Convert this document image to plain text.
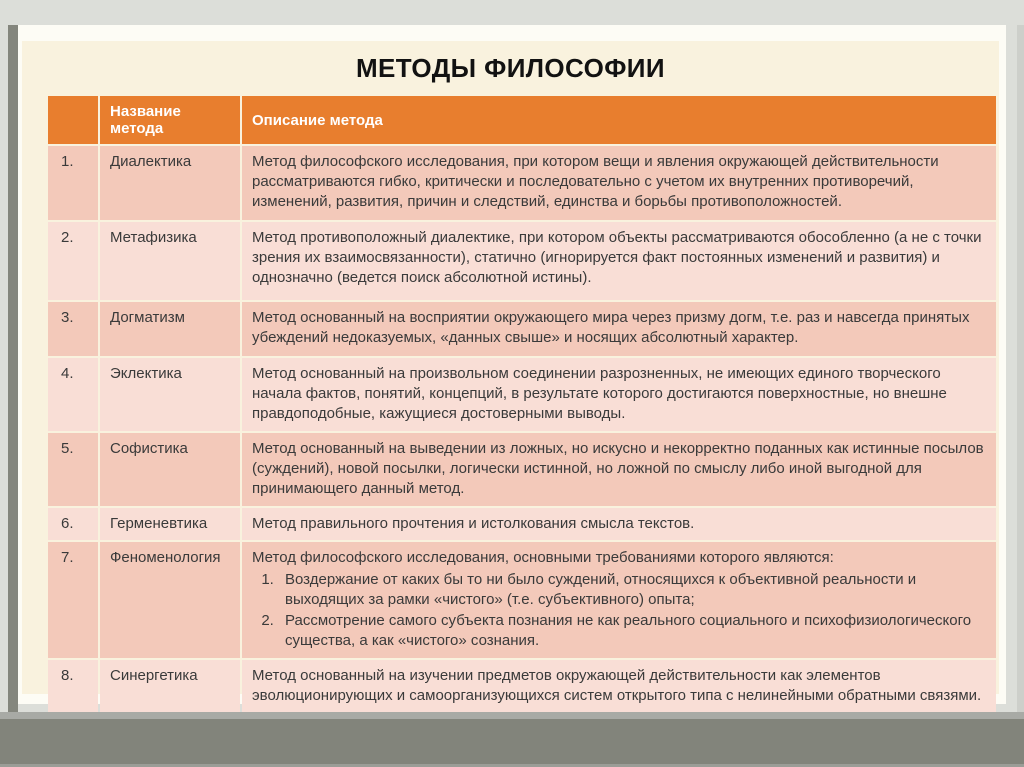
МЕТОДЫ ФИЛОСОФИИ
	Название метода	Описание метода
1.	Диалектика	Метод философского исследования, при котором вещи и явления окружающей действительности рассматриваются гибко, критически и последовательно с учетом их внутренних противоречий, изменений, развития, причин и следствий, единства и борьбы противоположностей.
2.	Метафизика	Метод противоположный диалектике, при котором объекты рассматриваются обособленно (а не с точки зрения их взаимосвязанности), статично (игнорируется факт постоянных изменений и развития) и однозначно (ведется поиск абсолютной истины).
3.	Догматизм	Метод основанный на восприятии окружающего мира через призму догм, т.е. раз и навсегда принятых убеждений недоказуемых, «данных свыше» и носящих абсолютный характер.
4.	Эклектика	Метод основанный на произвольном соединении разрозненных, не имеющих единого творческого начала фактов, понятий, концепций, в результате которого достигаются поверхностные, но внешне правдоподобные, кажущиеся достоверными выводы.
5.	Софистика	Метод основанный на выведении из ложных, но искусно и некорректно поданных как истинные посылов (суждений), новой посылки, логически истинной, но ложной по смыслу либо иной выгодной для принимающего данный метод.
6.	Герменевтика	Метод правильного прочтения и истолкования смысла текстов.
7.	Феноменология	Метод философского исследования, основными требованиями которого являются:
1. Воздержание от каких бы то ни было суждений, относящихся к объективной реальности и выходящих за рамки «чистого» (т.е. субъективного) опыта;
2. Рассмотрение самого субъекта познания не как реального социального и психофизиологического существа, а как «чистого» сознания.

8.	Синергетика	Метод основанный на изучении предметов окружающей действительности как элементов эволюционирующих и самоорганизующихся систем открытого типа с нелинейными обратными связями.
